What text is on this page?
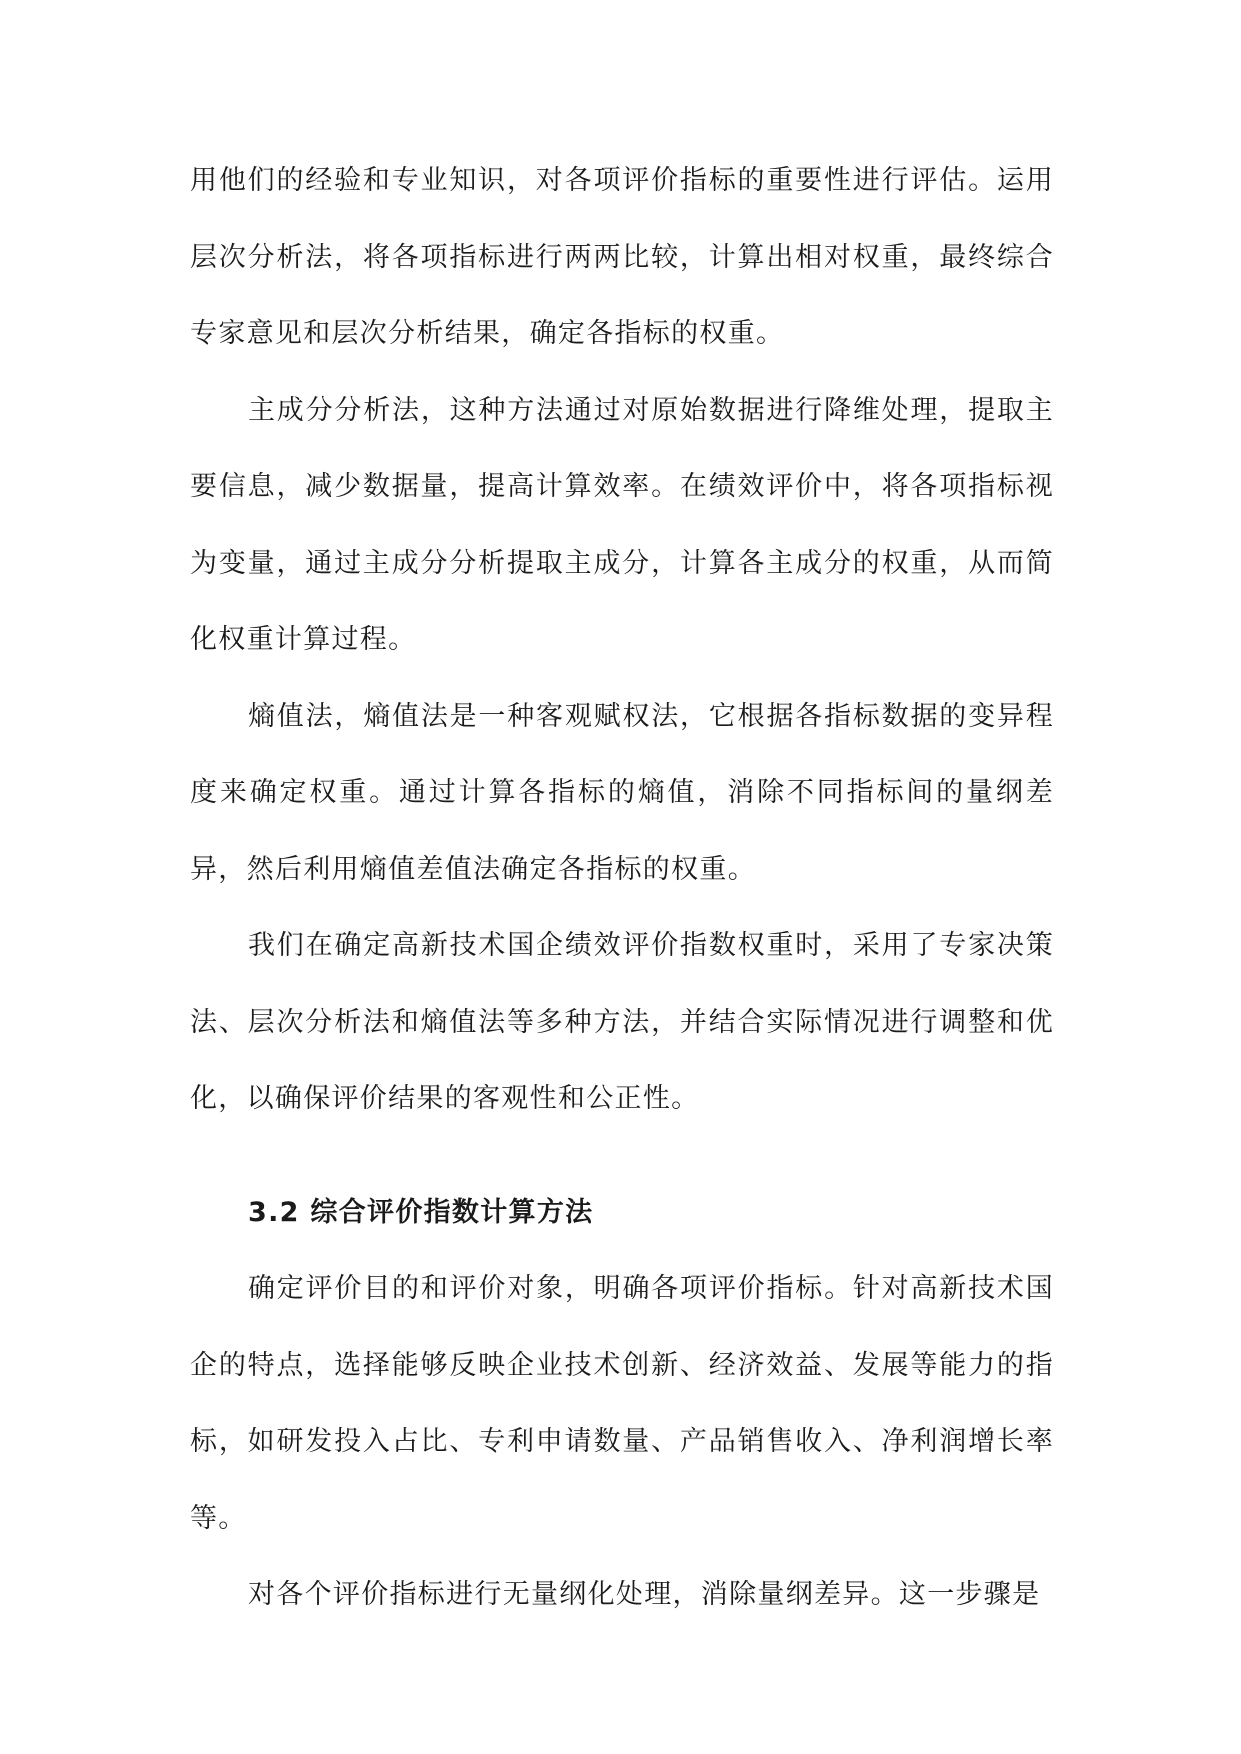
用他们的经验和专业知识，对各项评价指标的重要性进行评估。运用层次分析法，将各项指标进行两两比较，计算出相对权重，最终综合专家意见和层次分析结果，确定各指标的权重。

主成分分析法，这种方法通过对原始数据进行降维处理，提取主要信息，减少数据量，提高计算效率。在绩效评价中，将各项指标视为变量，通过主成分分析提取主成分，计算各主成分的权重，从而简化权重计算过程。

熵值法，熵值法是一种客观赋权法，它根据各指标数据的变异程度来确定权重。通过计算各指标的熵值，消除不同指标间的量纲差异，然后利用熵值差值法确定各指标的权重。

我们在确定高新技术国企绩效评价指数权重时，采用了专家决策法、层次分析法和熵值法等多种方法，并结合实际情况进行调整和优化，以确保评价结果的客观性和公正性。

3.2 综合评价指数计算方法

确定评价目的和评价对象，明确各项评价指标。针对高新技术国企的特点，选择能够反映企业技术创新、经济效益、发展等能力的指标，如研发投入占比、专利申请数量、产品销售收入、净利润增长率等。

对各个评价指标进行无量纲化处理，消除量纲差异。这一步骤是
